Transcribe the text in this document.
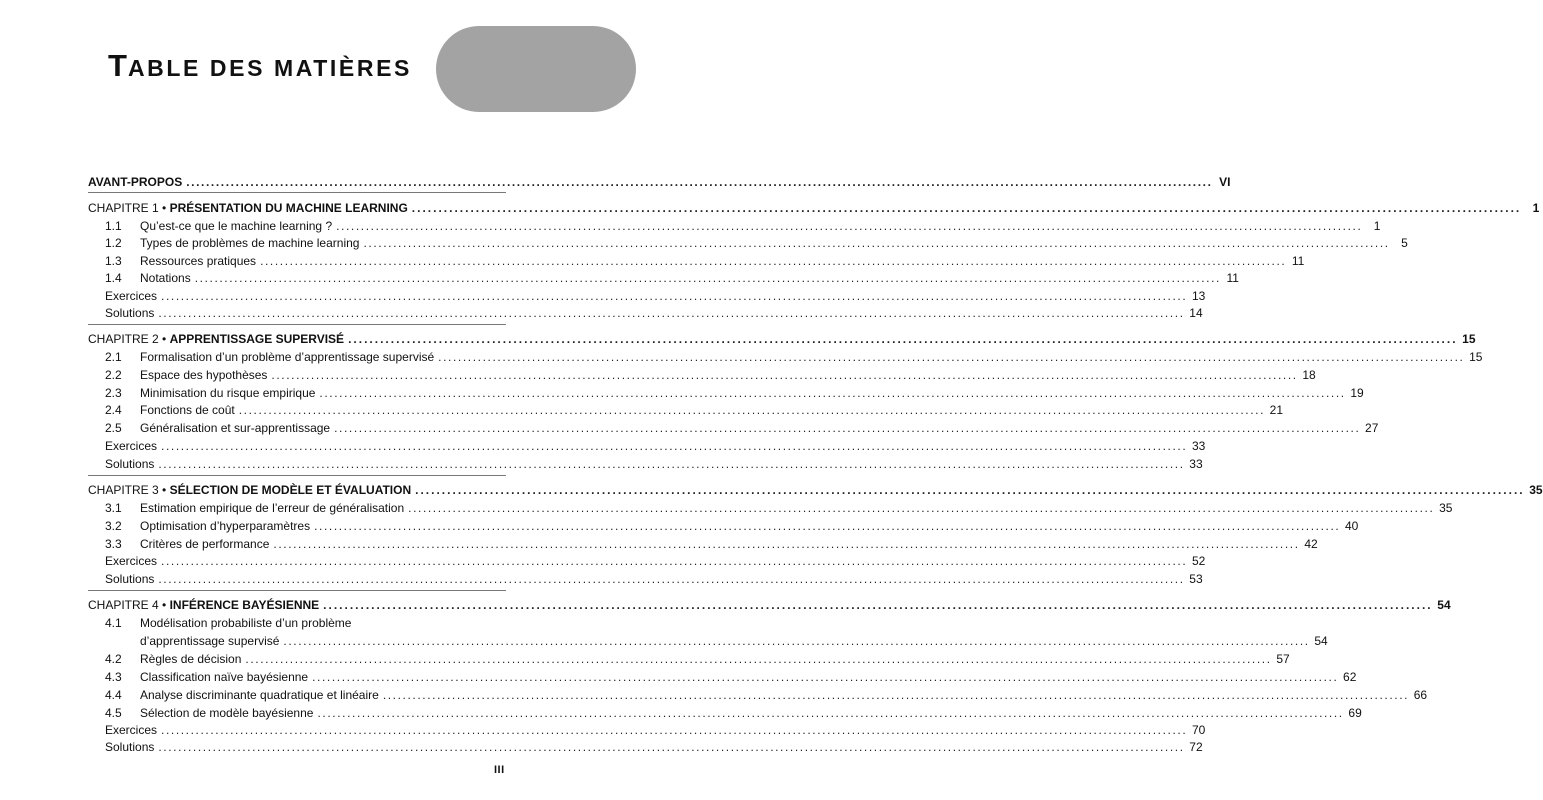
TABLE DES MATIÈRES
AVANT-PROPOS .....	VI
CHAPITRE 1 • PRÉSENTATION DU MACHINE LEARNING .....	1
1.1	Qu’est-ce que le machine learning ? .....	1
1.2	Types de problèmes de machine learning .....	5
1.3	Ressources pratiques .....	11
1.4	Notations .....	11
Exercices .....	13
Solutions .....	14
CHAPITRE 2 • APPRENTISSAGE SUPERVISÉ .....	15
2.1	Formalisation d’un problème d’apprentissage supervisé .....	15
2.2	Espace des hypothèses .....	18
2.3	Minimisation du risque empirique .....	19
2.4	Fonctions de coût .....	21
2.5	Généralisation et sur-apprentissage .....	27
Exercices .....	33
Solutions .....	33
CHAPITRE 3 • SÉLECTION DE MODÈLE ET ÉVALUATION .....	35
3.1	Estimation empirique de l’erreur de généralisation .....	35
3.2	Optimisation d’hyperparamètres .....	40
3.3	Critères de performance .....	42
Exercices .....	52
Solutions .....	53
CHAPITRE 4 • INFÉRENCE BAYÉSIENNE .....	54
4.1	Modélisation probabiliste d’un problème
d’apprentissage supervisé .....	54
4.2	Règles de décision .....	57
4.3	Classification naïve bayésienne .....	62
4.4	Analyse discriminante quadratique et linéaire .....	66
4.5	Sélection de modèle bayésienne .....	69
Exercices .....	70
Solutions .....	72
III
